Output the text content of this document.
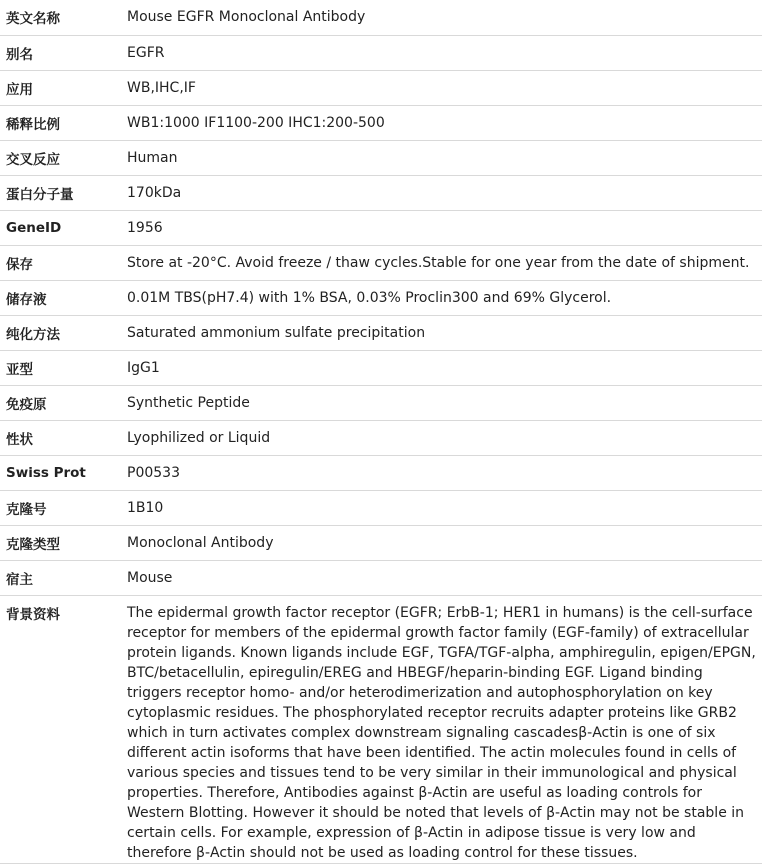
英文名称	Mouse EGFR Monoclonal Antibody
别名	EGFR
应用	WB,IHC,IF
稀释比例	WB1:1000 IF1100-200 IHC1:200-500
交叉反应	Human
蛋白分子量	170kDa
GeneID	1956
保存	Store at -20°C. Avoid freeze / thaw cycles.Stable for one year from the date of shipment.
储存液	0.01M TBS(pH7.4) with 1% BSA, 0.03% Proclin300 and 69% Glycerol.
纯化方法	Saturated ammonium sulfate precipitation
亚型	IgG1
免疫原	Synthetic Peptide
性状	Lyophilized or Liquid
Swiss Prot	P00533
克隆号	1B10
克隆类型	Monoclonal Antibody
宿主	Mouse
背景资料	The epidermal growth factor receptor (EGFR; ErbB-1; HER1 in humans) is the cell-surface receptor for members of the epidermal growth factor family (EGF-family) of extracellular protein ligands. Known ligands include EGF, TGFA/TGF-alpha, amphiregulin, epigen/EPGN, BTC/betacellulin, epiregulin/EREG and HBEGF/heparin-binding EGF. Ligand binding triggers receptor homo- and/or heterodimerization and autophosphorylation on key cytoplasmic residues. The phosphorylated receptor recruits adapter proteins like GRB2 which in turn activates complex downstream signaling cascadesβ-Actin is one of six different actin isoforms that have been identified. The actin molecules found in cells of various species and tissues tend to be very similar in their immunological and physical properties. Therefore, Antibodies against β-Actin are useful as loading controls for Western Blotting. However it should be noted that levels of β-Actin may not be stable in certain cells. For example, expression of β-Actin in adipose tissue is very low and therefore β-Actin should not be used as loading control for these tissues.
